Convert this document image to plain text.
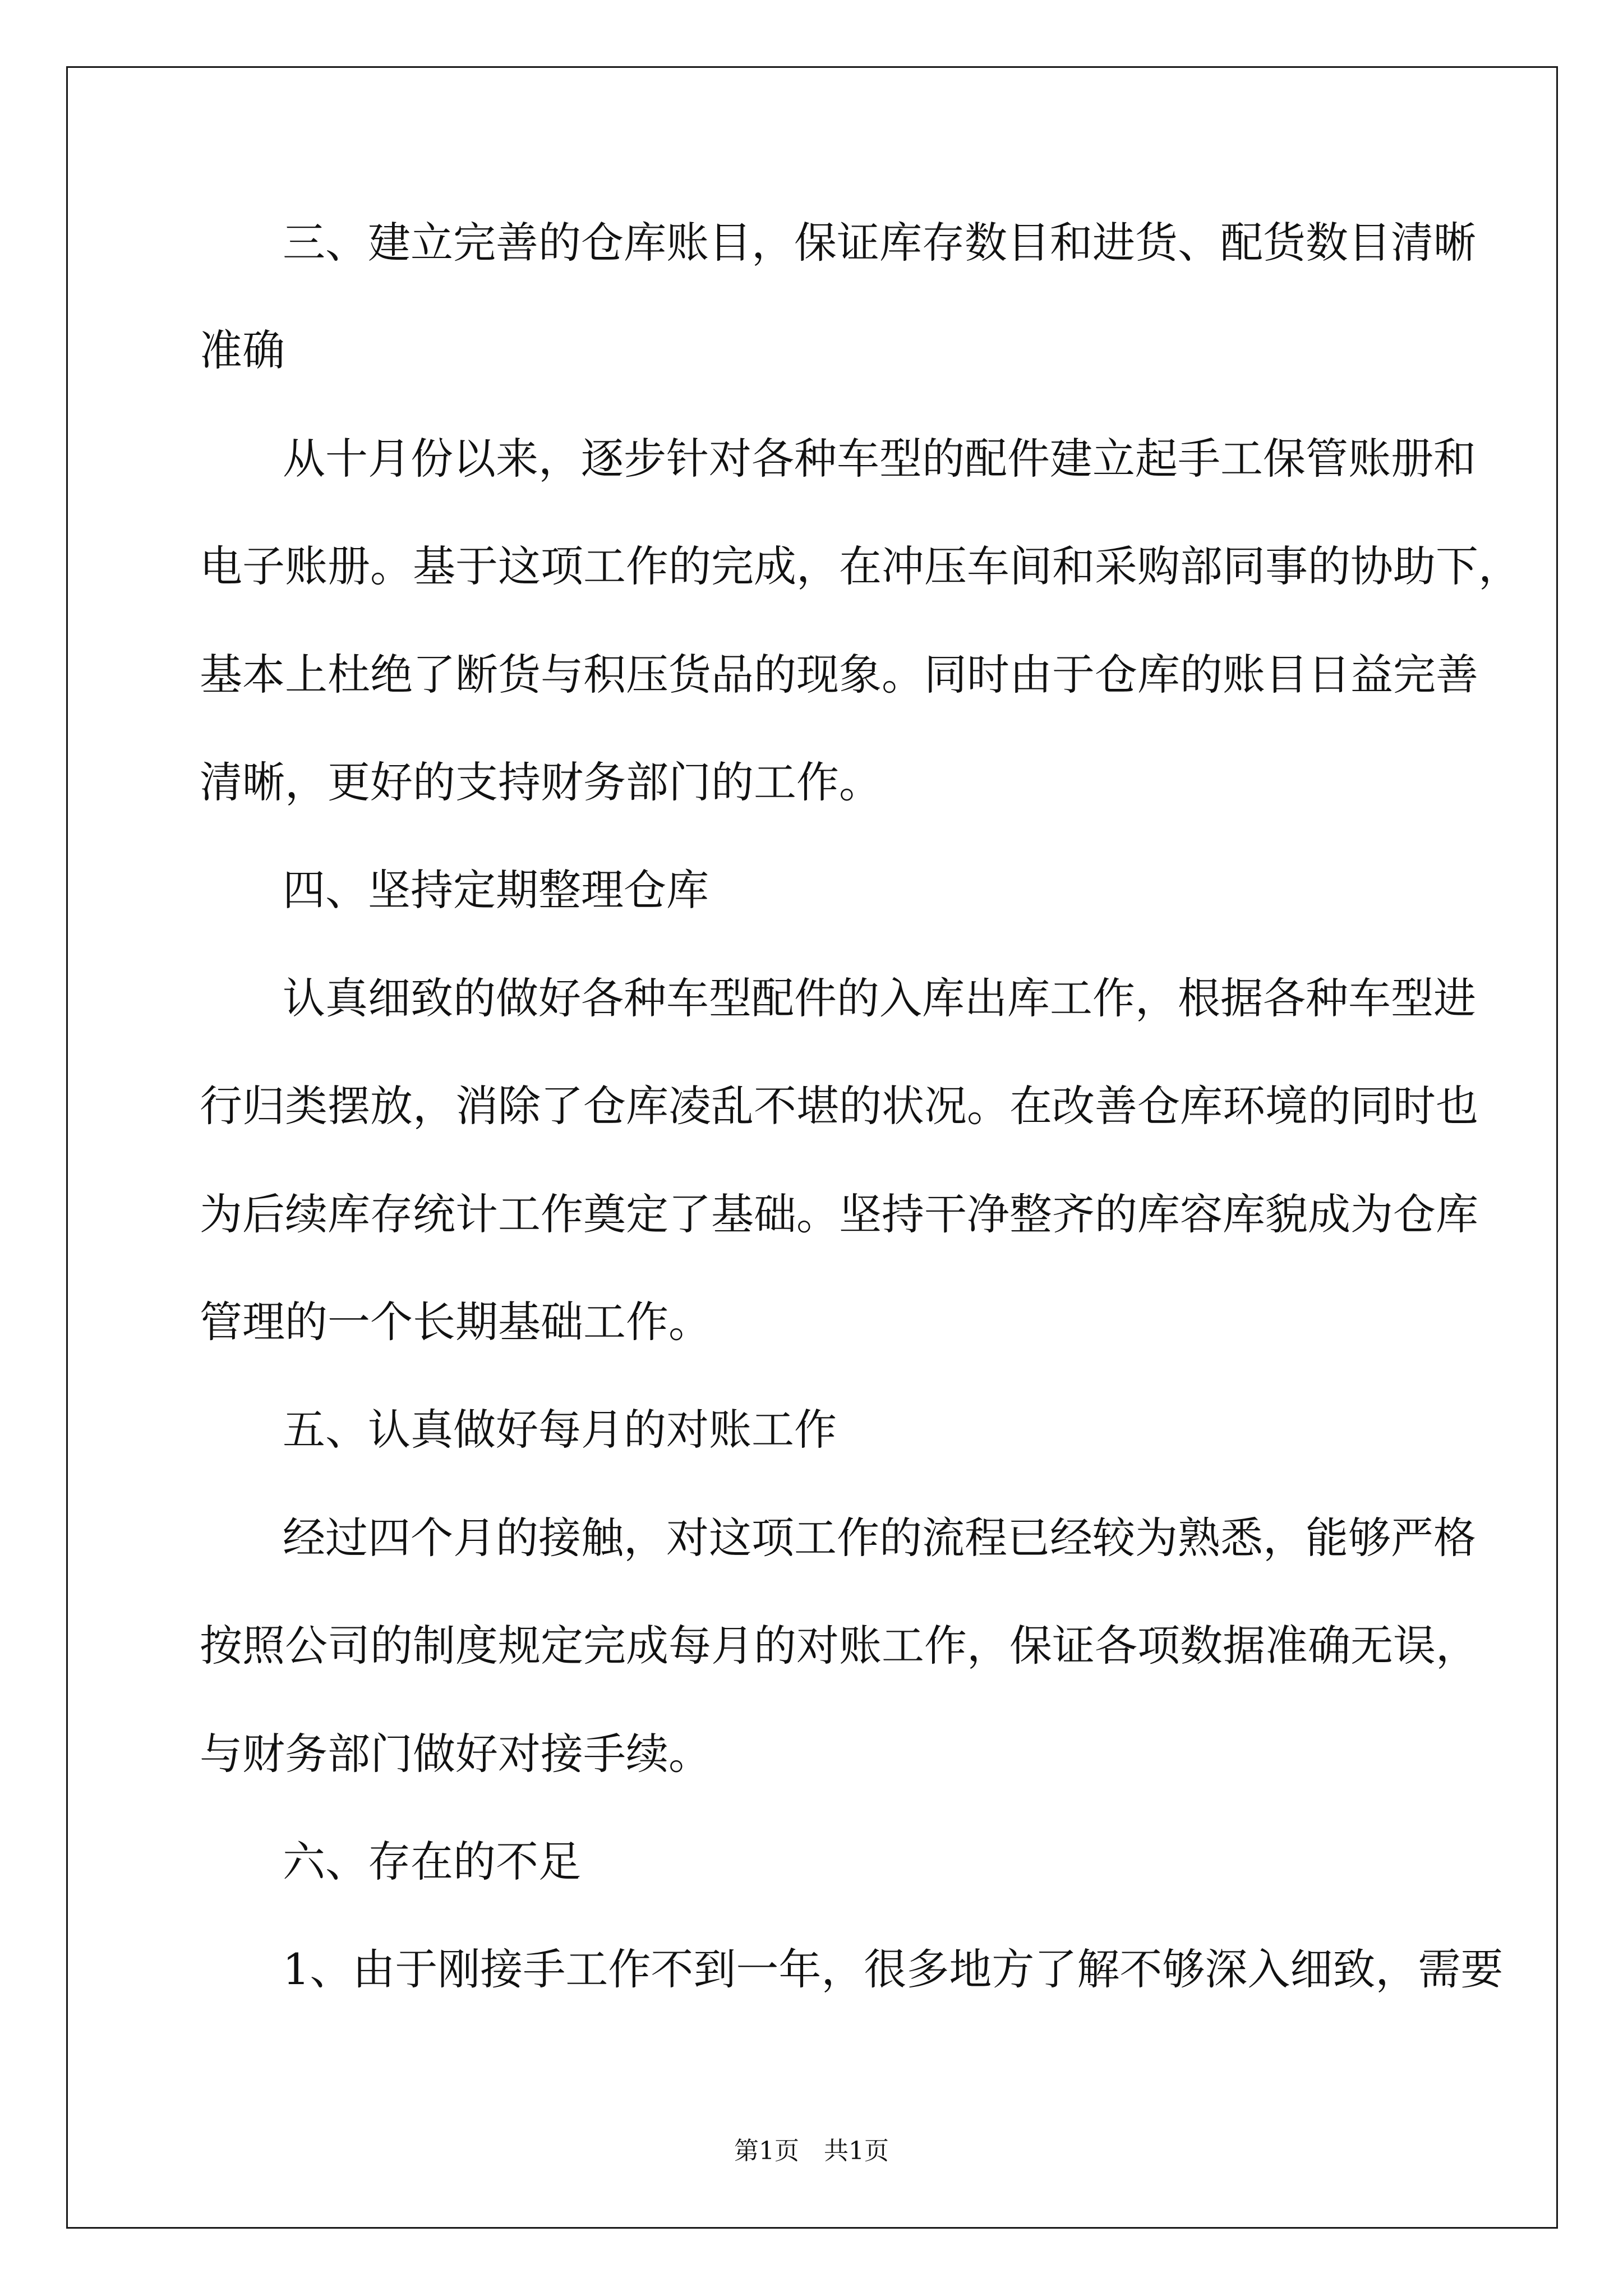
三、建立完善的仓库账目，保证库存数目和进货、配货数目清晰
准确
从十月份以来，逐步针对各种车型的配件建立起手工保管账册和
电子账册。基于这项工作的完成，在冲压车间和采购部同事的协助下，
基本上杜绝了断货与积压货品的现象。同时由于仓库的账目日益完善
清晰，更好的支持财务部门的工作。
四、坚持定期整理仓库
认真细致的做好各种车型配件的入库出库工作，根据各种车型进
行归类摆放，消除了仓库凌乱不堪的状况。在改善仓库环境的同时也
为后续库存统计工作奠定了基础。坚持干净整齐的库容库貌成为仓库
管理的一个长期基础工作。
五、认真做好每月的对账工作
经过四个月的接触，对这项工作的流程已经较为熟悉，能够严格
按照公司的制度规定完成每月的对账工作，保证各项数据准确无误，
与财务部门做好对接手续。
六、存在的不足
1、由于刚接手工作不到一年，很多地方了解不够深入细致，需要
第1页　共1页
